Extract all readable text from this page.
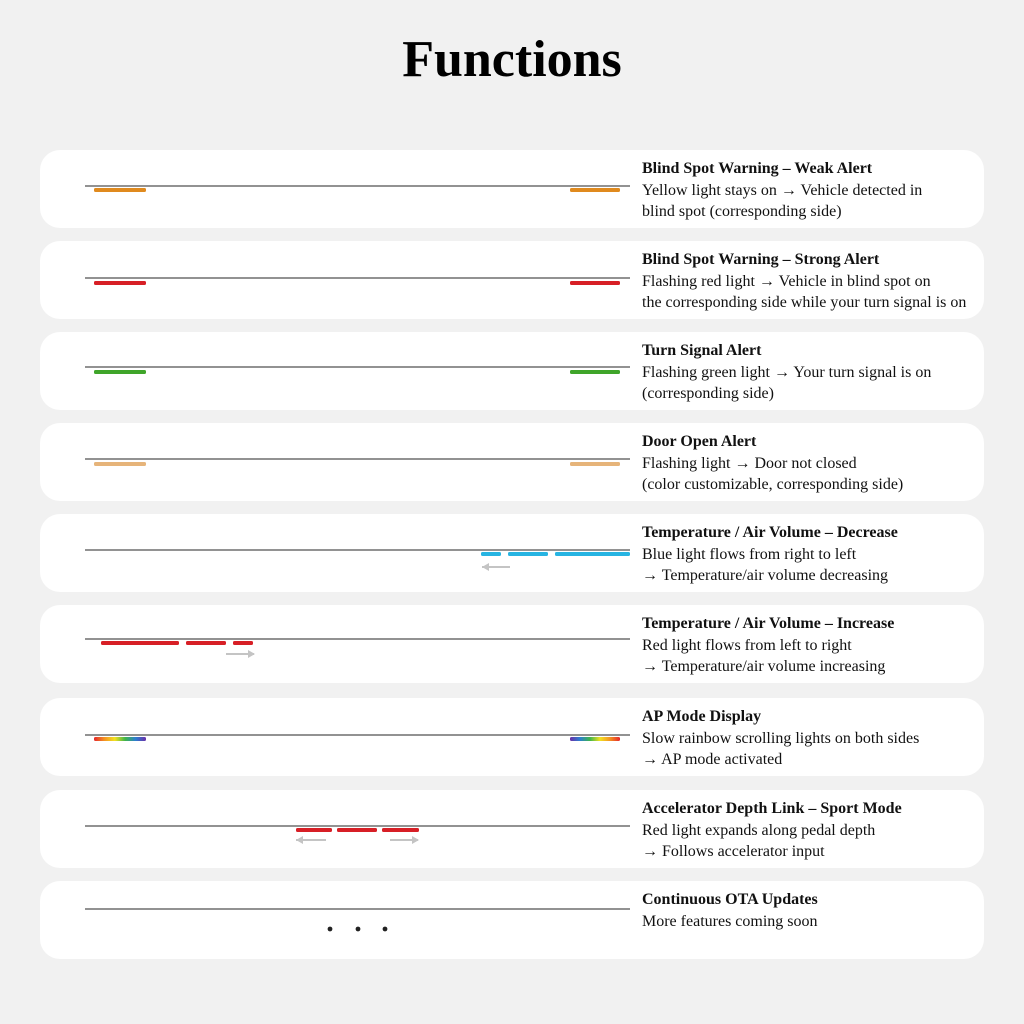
Functions
Blind Spot Warning – Weak Alert
Yellow light stays on → Vehicle detected in
blind spot (corresponding side)
Blind Spot Warning – Strong Alert
Flashing red light → Vehicle in blind spot on
the corresponding side while your turn signal is on
Turn Signal Alert
Flashing green light → Your turn signal is on
(corresponding side)
Door Open Alert
Flashing light → Door not closed
(color customizable, corresponding side)
Temperature / Air Volume – Decrease
Blue light flows from right to left
→ Temperature/air volume decreasing
Temperature / Air Volume – Increase
Red light flows from left to right
→ Temperature/air volume increasing
AP Mode Display
Slow rainbow scrolling lights on both sides
→ AP mode activated
Accelerator Depth Link – Sport Mode
Red light expands along pedal depth
→ Follows accelerator input
Continuous OTA Updates
More features coming soon
